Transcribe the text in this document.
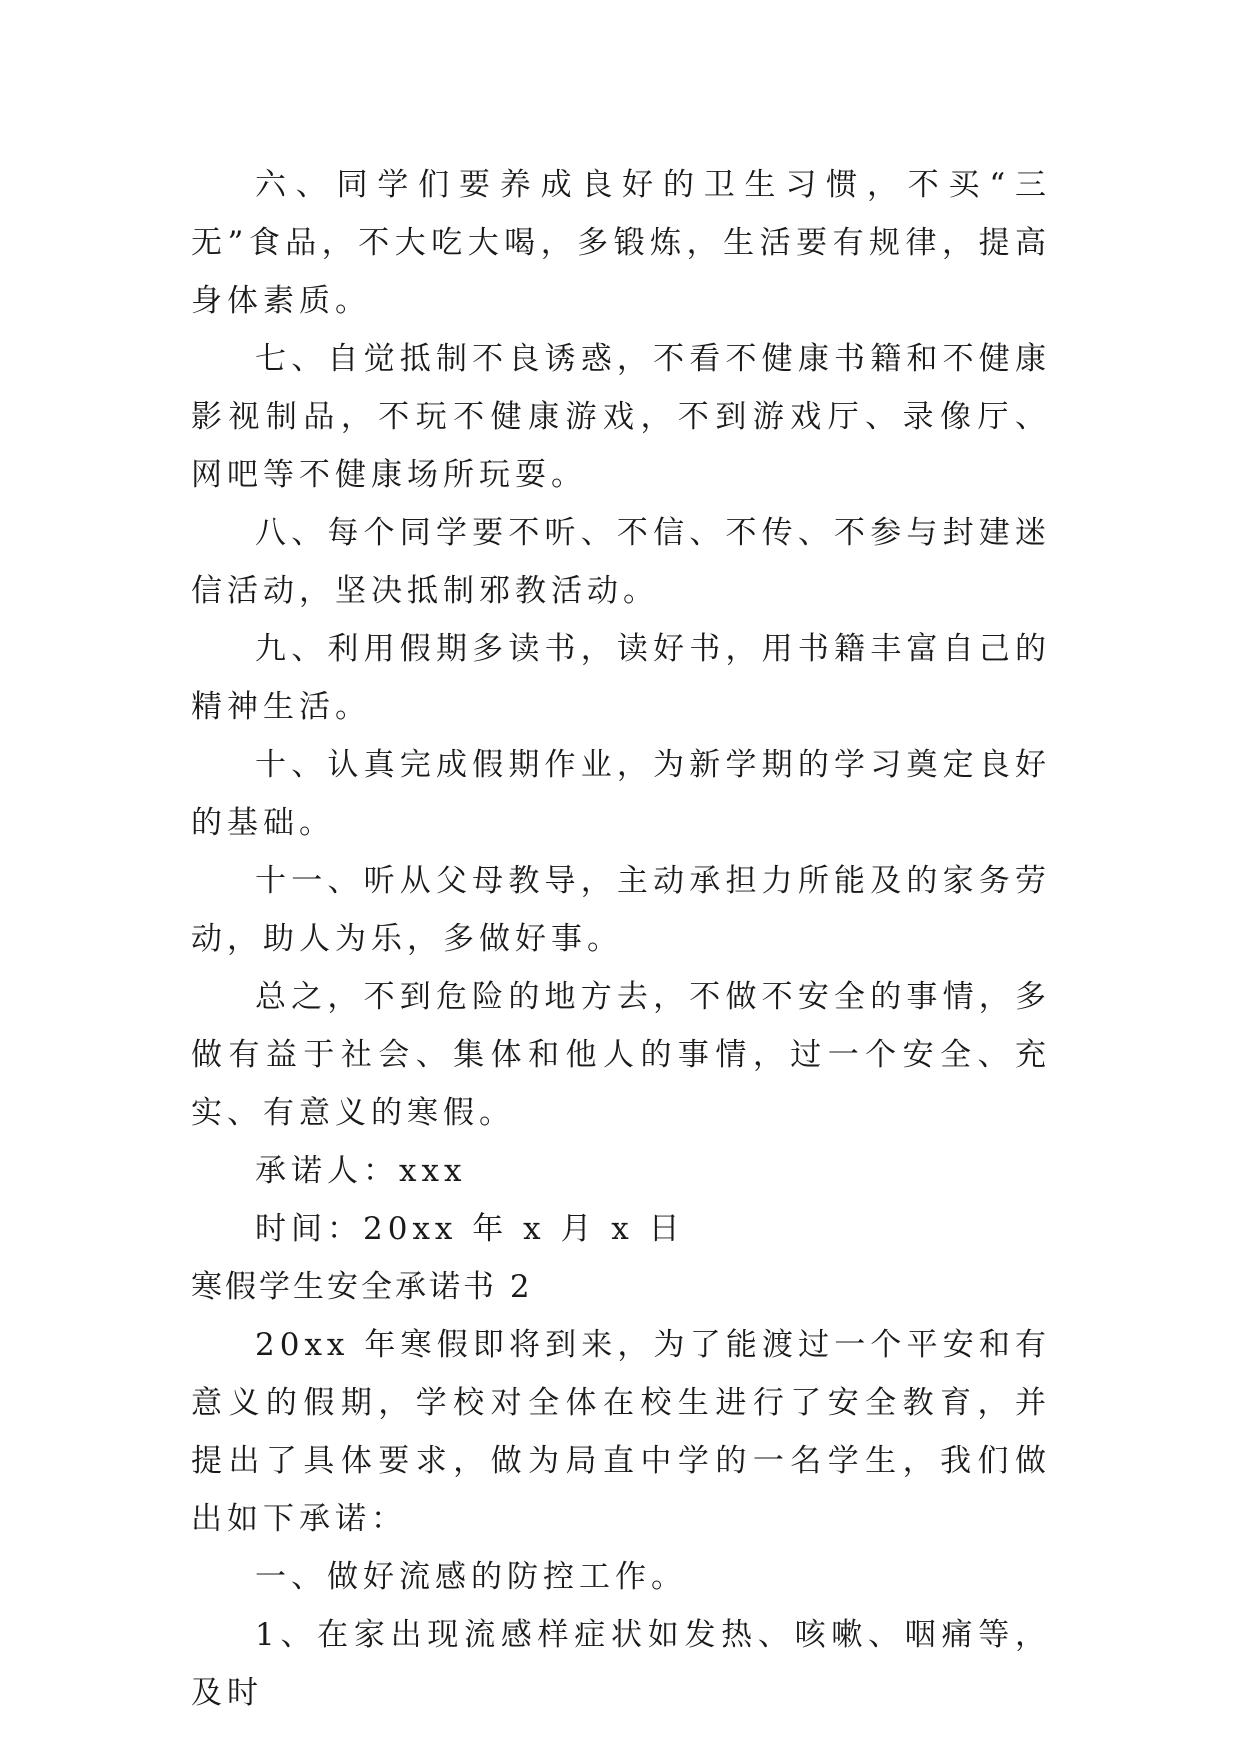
六、同学们要养成良好的卫生习惯，不买“三无”食品，不大吃大喝，多锻炼，生活要有规律，提高身体素质。

七、自觉抵制不良诱惑，不看不健康书籍和不健康影视制品，不玩不健康游戏，不到游戏厅、录像厅、网吧等不健康场所玩耍。

八、每个同学要不听、不信、不传、不参与封建迷信活动，坚决抵制邪教活动。

九、利用假期多读书，读好书，用书籍丰富自己的精神生活。

十、认真完成假期作业，为新学期的学习奠定良好的基础。

十一、听从父母教导，主动承担力所能及的家务劳动，助人为乐，多做好事。

总之，不到危险的地方去，不做不安全的事情，多做有益于社会、集体和他人的事情，过一个安全、充实、有意义的寒假。

承诺人：xxx

时间：20xx 年 x 月 x 日

寒假学生安全承诺书 2

20xx 年寒假即将到来，为了能渡过一个平安和有意义的假期，学校对全体在校生进行了安全教育，并提出了具体要求，做为局直中学的一名学生，我们做出如下承诺：

一、做好流感的防控工作。

1、在家出现流感样症状如发热、咳嗽、咽痛等，及时
